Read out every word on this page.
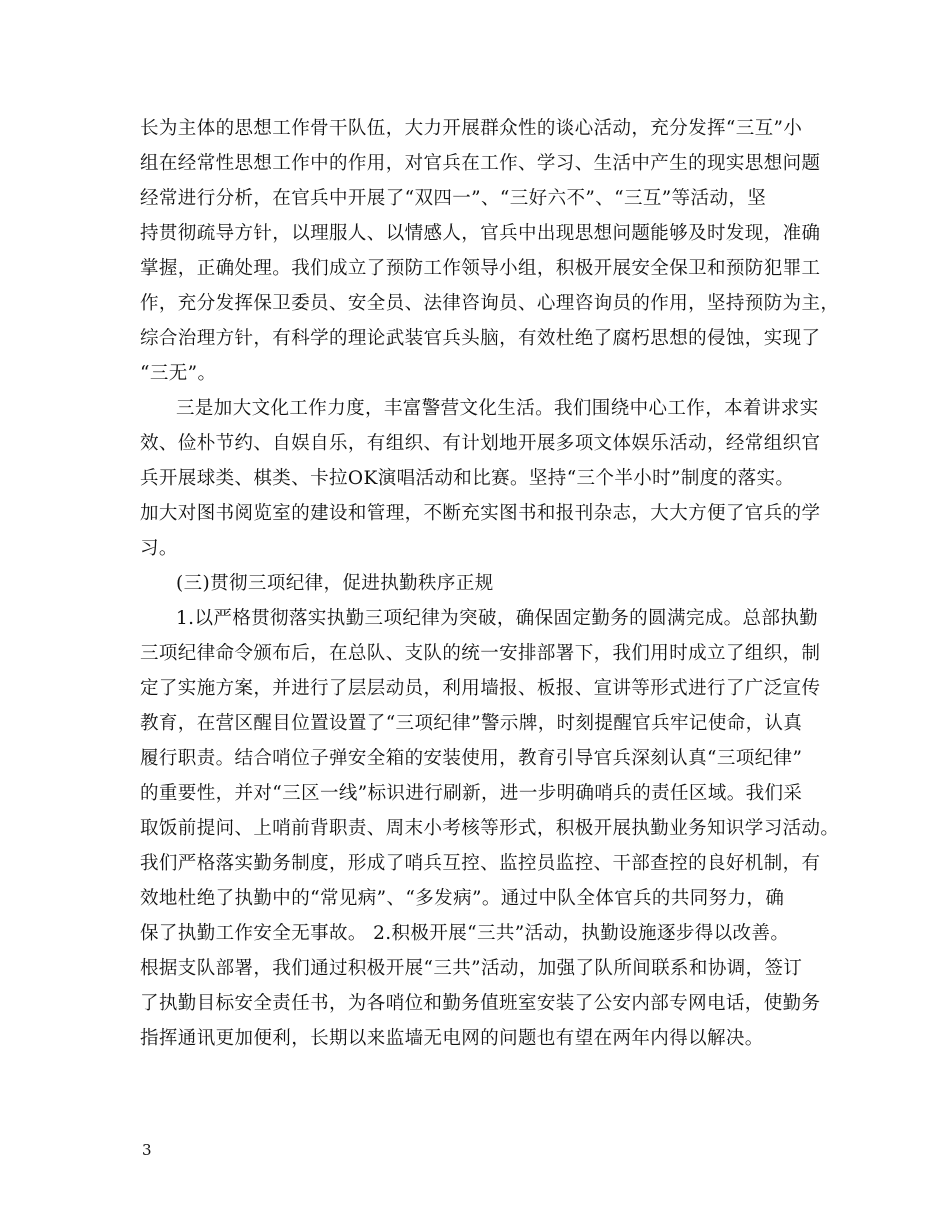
长为主体的思想工作骨干队伍，大力开展群众性的谈心活动，充分发挥“三互”小
组在经常性思想工作中的作用，对官兵在工作、学习、生活中产生的现实思想问题
经常进行分析，在官兵中开展了“双四一”、“三好六不”、“三互”等活动，坚
持贯彻疏导方针，以理服人、以情感人，官兵中出现思想问题能够及时发现，准确
掌握，正确处理。我们成立了预防工作领导小组，积极开展安全保卫和预防犯罪工
作，充分发挥保卫委员、安全员、法律咨询员、心理咨询员的作用，坚持预防为主，
综合治理方针，有科学的理论武装官兵头脑，有效杜绝了腐朽思想的侵蚀，实现了
“三无”。
三是加大文化工作力度，丰富警营文化生活。我们围绕中心工作，本着讲求实
效、俭朴节约、自娱自乐，有组织、有计划地开展多项文体娱乐活动，经常组织官
兵开展球类、棋类、卡拉OK演唱活动和比赛。坚持“三个半小时”制度的落实。
加大对图书阅览室的建设和管理，不断充实图书和报刊杂志，大大方便了官兵的学
习。
(三)贯彻三项纪律，促进执勤秩序正规
1.以严格贯彻落实执勤三项纪律为突破，确保固定勤务的圆满完成。总部执勤
三项纪律命令颁布后，在总队、支队的统一安排部署下，我们用时成立了组织，制
定了实施方案，并进行了层层动员，利用墙报、板报、宣讲等形式进行了广泛宣传
教育，在营区醒目位置设置了“三项纪律”警示牌，时刻提醒官兵牢记使命，认真
履行职责。结合哨位子弹安全箱的安装使用，教育引导官兵深刻认真“三项纪律”
的重要性，并对“三区一线”标识进行刷新，进一步明确哨兵的责任区域。我们采
取饭前提问、上哨前背职责、周末小考核等形式，积极开展执勤业务知识学习活动。
我们严格落实勤务制度，形成了哨兵互控、监控员监控、干部查控的良好机制，有
效地杜绝了执勤中的“常见病”、“多发病”。通过中队全体官兵的共同努力，确
保了执勤工作安全无事故。 2.积极开展“三共”活动，执勤设施逐步得以改善。
根据支队部署，我们通过积极开展“三共”活动，加强了队所间联系和协调，签订
了执勤目标安全责任书，为各哨位和勤务值班室安装了公安内部专网电话，使勤务
指挥通讯更加便利，长期以来监墙无电网的问题也有望在两年内得以解决。
3
